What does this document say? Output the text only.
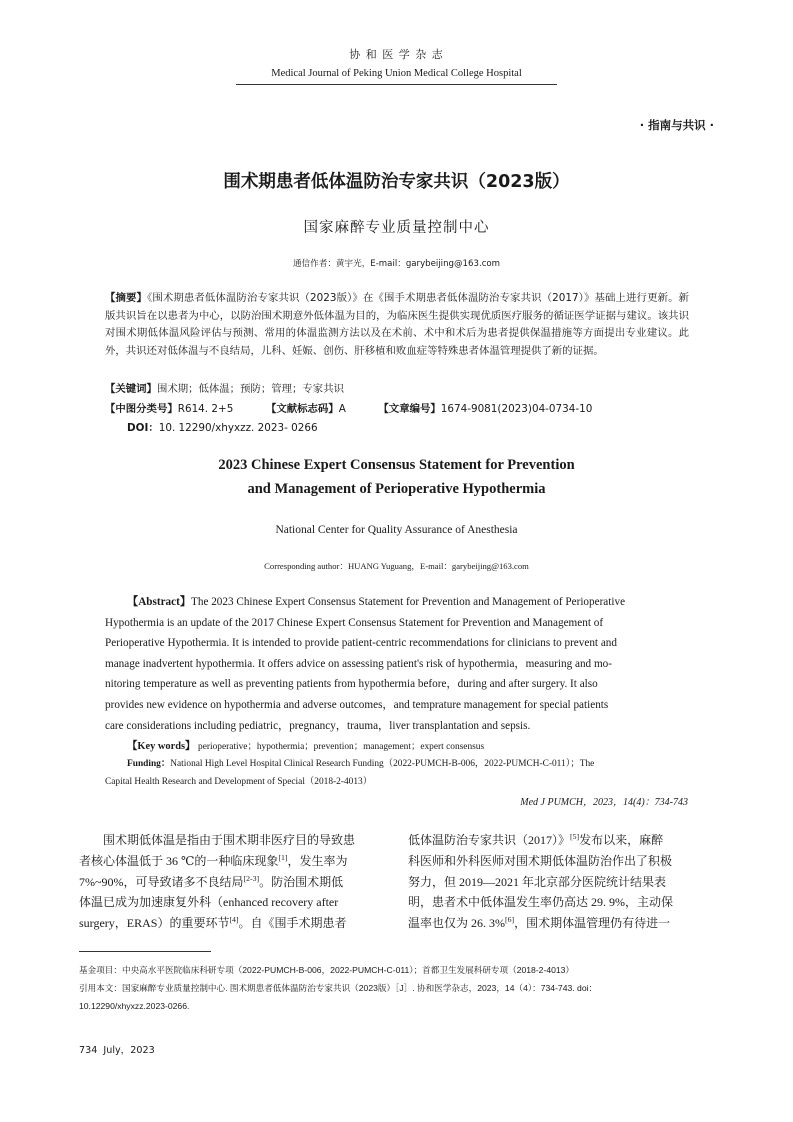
协 和 医 学 杂 志
Medical Journal of Peking Union Medical College Hospital
· 指南与共识 ·
围术期患者低体温防治专家共识（2023版）
国家麻醉专业质量控制中心
通信作者：黄宇光，E-mail：garybeijing@163.com
【摘要】《围术期患者低体温防治专家共识（2023版）》在《围手术期患者低体温防治专家共识（2017）》基础上进行更新。新版共识旨在以患者为中心，以防治围术期意外低体温为目的，为临床医生提供实现优质医疗服务的循证医学证据与建议。该共识对围术期低体温风险评估与预测、常用的体温监测方法以及在术前、术中和术后为患者提供保温措施等方面提出专业建议。此外，共识还对低体温与不良结局，儿科、妊娠、创伤、肝移植和败血症等特殊患者体温管理提供了新的证据。
【关键词】围术期；低体温；预防；管理；专家共识
【中图分类号】R614. 2+5	【文献标志码】A	【文章编号】1674-9081(2023)04-0734-10
DOI：10. 12290/xhyxzz. 2023- 0266
2023 Chinese Expert Consensus Statement for Prevention
and Management of Perioperative Hypothermia
National Center for Quality Assurance of Anesthesia
Corresponding author：HUANG Yuguang，E-mail：garybeijing@163.com
【Abstract】The 2023 Chinese Expert Consensus Statement for Prevention and Management of Perioperative
Hypothermia is an update of the 2017 Chinese Expert Consensus Statement for Prevention and Management of
Perioperative Hypothermia. It is intended to provide patient-centric recommendations for clinicians to prevent and
manage inadvertent hypothermia. It offers advice on assessing patient's risk of hypothermia，measuring and mo-
nitoring temperature as well as preventing patients from hypothermia before，during and after surgery. It also
provides new evidence on hypothermia and adverse outcomes，and temprature management for special patients
care considerations including pediatric，pregnancy，trauma，liver transplantation and sepsis.
【Key words】 perioperative；hypothermia；prevention；management；expert consensus
Funding：National High Level Hospital Clinical Research Funding（2022-PUMCH-B-006，2022-PUMCH-C-011）；The
Capital Health Research and Development of Special（2018-2-4013）
Med J PUMCH，2023，14(4)：734-743
围术期低体温是指由于围术期非医疗目的导致患
者核心体温低于 36 ℃的一种临床现象[1]，发生率为
7%~90%，可导致诸多不良结局[2-3]。防治围术期低
体温已成为加速康复外科（enhanced recovery after
surgery，ERAS）的重要环节[4]。自《围手术期患者
低体温防治专家共识（2017）》[5]发布以来，麻醉
科医师和外科医师对围术期低体温防治作出了积极
努力，但 2019—2021 年北京部分医院统计结果表
明，患者术中低体温发生率仍高达 29. 9%，主动保
温率也仅为 26. 3%[6]，围术期体温管理仍有待进一
基金项目：中央高水平医院临床科研专项（2022-PUMCH-B-006，2022-PUMCH-C-011）；首都卫生发展科研专项（2018-2-4013）
引用本文：国家麻醉专业质量控制中心. 围术期患者低体温防治专家共识（2023版）［J］. 协和医学杂志，2023，14（4）：734-743. doi：
10.12290/xhyxzz.2023-0266.
734  July，2023
